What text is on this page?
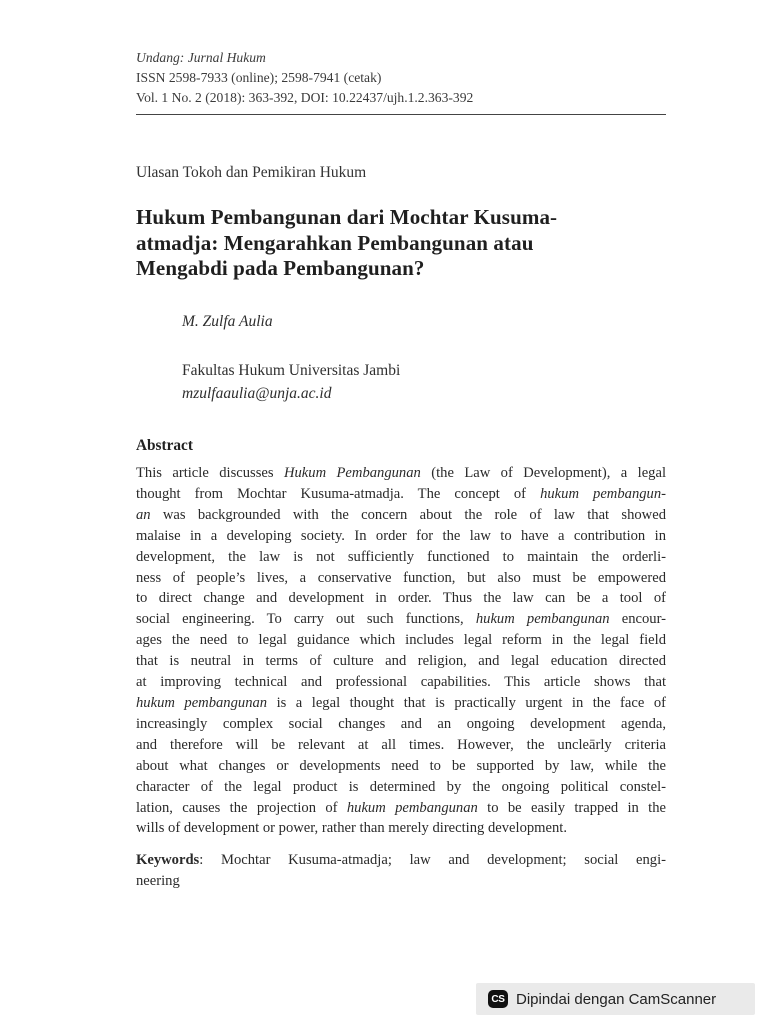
Undang: Jurnal Hukum
ISSN 2598-7933 (online); 2598-7941 (cetak)
Vol. 1 No. 2 (2018): 363-392, DOI: 10.22437/ujh.1.2.363-392
Ulasan Tokoh dan Pemikiran Hukum
Hukum Pembangunan dari Mochtar Kusuma-
atmadja: Mengarahkan Pembangunan atau
Mengabdi pada Pembangunan?
M. Zulfa Aulia
Fakultas Hukum Universitas Jambi
mzulfaaulia@unja.ac.id
Abstract
This article discusses Hukum Pembangunan (the Law of Development), a legal
thought from Mochtar Kusuma-atmadja. The concept of hukum pembangun-
an was backgrounded with the concern about the role of law that showed
malaise in a developing society. In order for the law to have a contribution in
development, the law is not sufficiently functioned to maintain the orderli-
ness of people’s lives, a conservative function, but also must be empowered
to direct change and development in order. Thus the law can be a tool of
social engineering. To carry out such functions, hukum pembangunan encour-
ages the need to legal guidance which includes legal reform in the legal field
that is neutral in terms of culture and religion, and legal education directed
at improving technical and professional capabilities. This article shows that
hukum pembangunan is a legal thought that is practically urgent in the face of
increasingly complex social changes and an ongoing development agenda,
and therefore will be relevant at all times. However, the uncleārly criteria
about what changes or developments need to be supported by law, while the
character of the legal product is determined by the ongoing political constel-
lation, causes the projection of hukum pembangunan to be easily trapped in the
wills of development or power, rather than merely directing development.
Keywords: Mochtar Kusuma-atmadja; law and development; social engi-
neering
CS Dipindai dengan CamScanner
